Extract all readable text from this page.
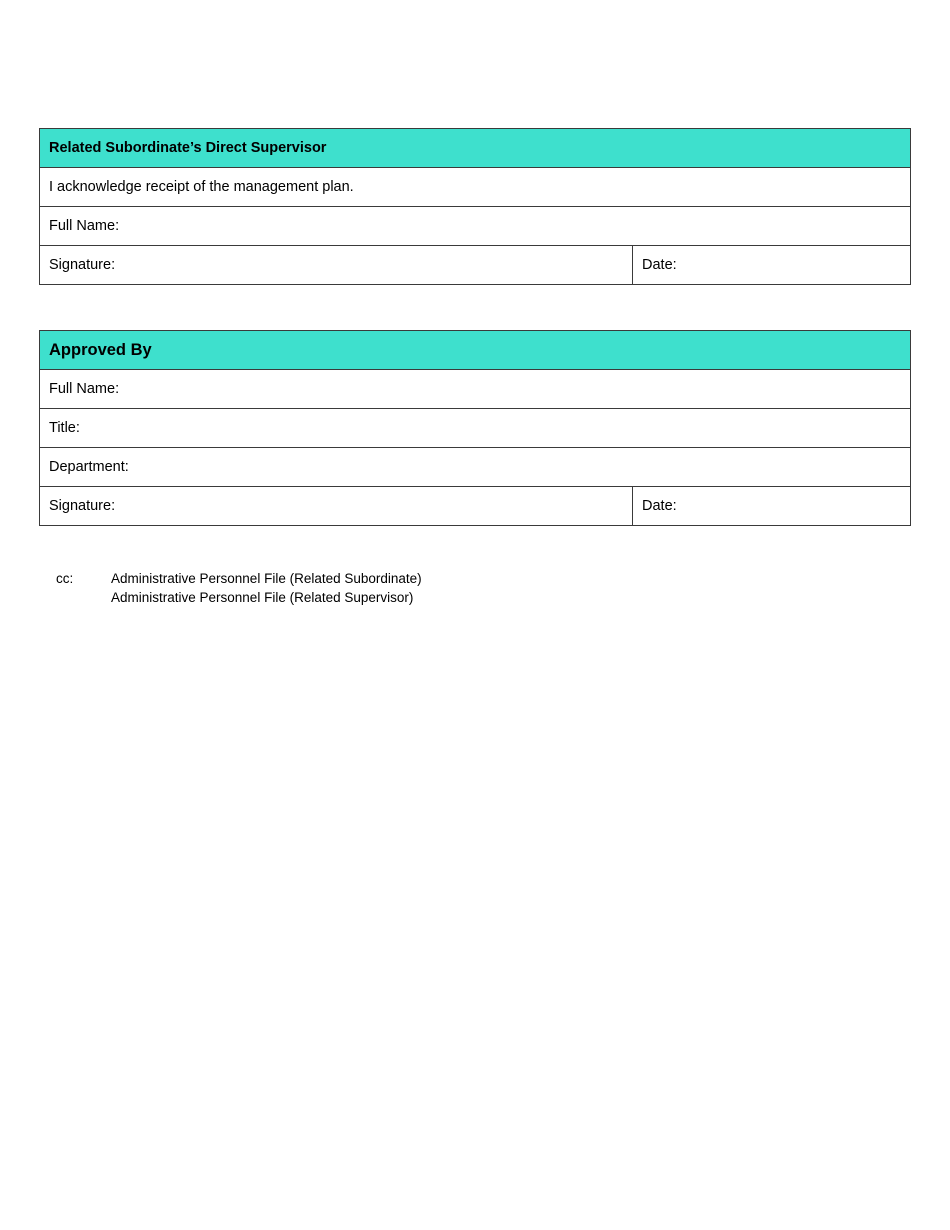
Related Subordinate’s Direct Supervisor
I acknowledge receipt of the management plan.
Full Name:
Signature:	Date:
Approved By
Full Name:
Title:
Department:
Signature:	Date:
cc:	Administrative Personnel File (Related Subordinate)
Administrative Personnel File (Related Supervisor)
